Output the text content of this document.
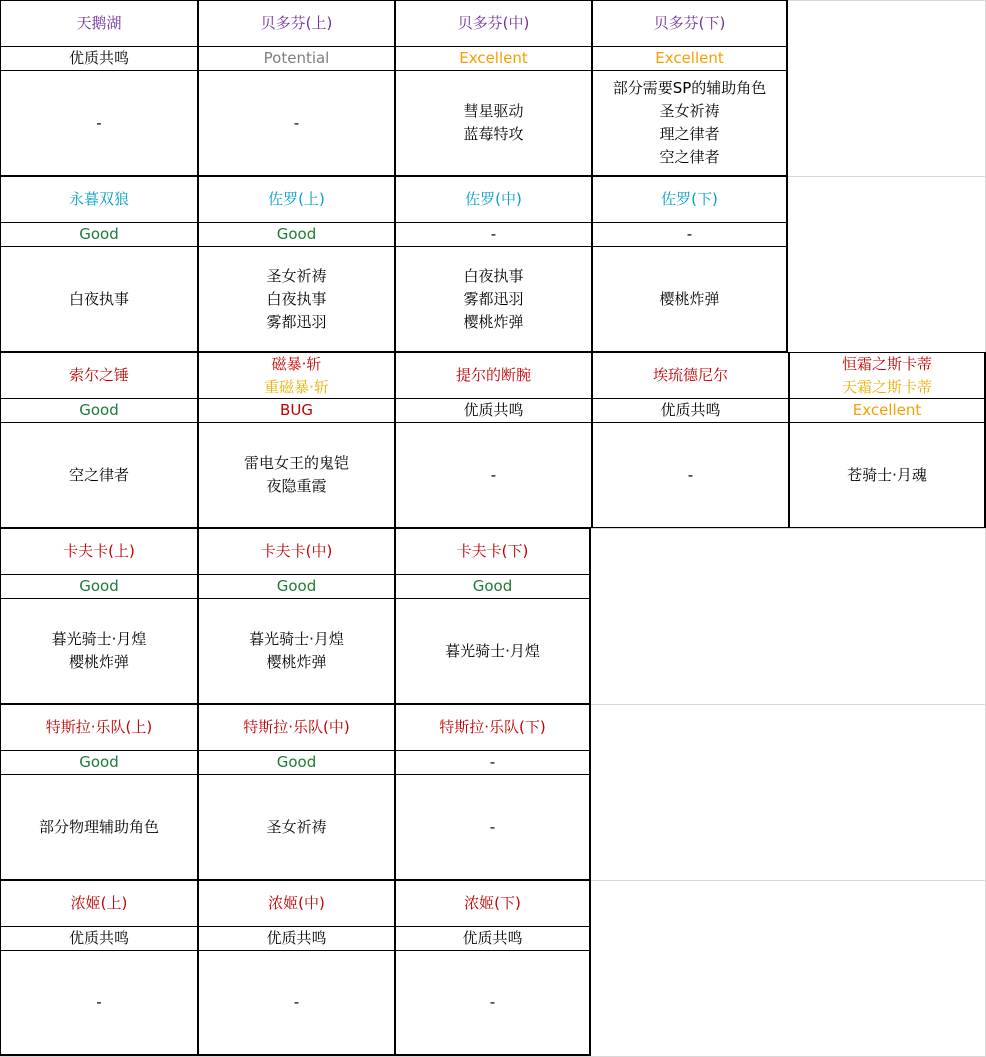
天鹅湖
优质共鸣
-
贝多芬(上)
Potential
-
贝多芬(中)
Excellent
彗星驱动
蓝莓特攻
贝多芬(下)
Excellent
部分需要SP的辅助角色
圣女祈祷
理之律者
空之律者
永暮双狼
Good
白夜执事
佐罗(上)
Good
圣女祈祷
白夜执事
雾都迅羽
佐罗(中)
-
白夜执事
雾都迅羽
樱桃炸弹
佐罗(下)
-
樱桃炸弹
索尔之锤
Good
空之律者
磁暴·斩
重磁暴·斩
BUG
雷电女王的鬼铠
夜隐重霞
提尔的断腕
优质共鸣
-
埃琉德尼尔
优质共鸣
-
恒霜之斯卡蒂
天霜之斯卡蒂
Excellent
苍骑士·月魂
卡夫卡(上)
Good
暮光骑士·月煌
樱桃炸弹
卡夫卡(中)
Good
暮光骑士·月煌
樱桃炸弹
卡夫卡(下)
Good
暮光骑士·月煌
特斯拉·乐队(上)
Good
部分物理辅助角色
特斯拉·乐队(中)
Good
圣女祈祷
特斯拉·乐队(下)
-
-
浓姬(上)
优质共鸣
-
浓姬(中)
优质共鸣
-
浓姬(下)
优质共鸣
-
